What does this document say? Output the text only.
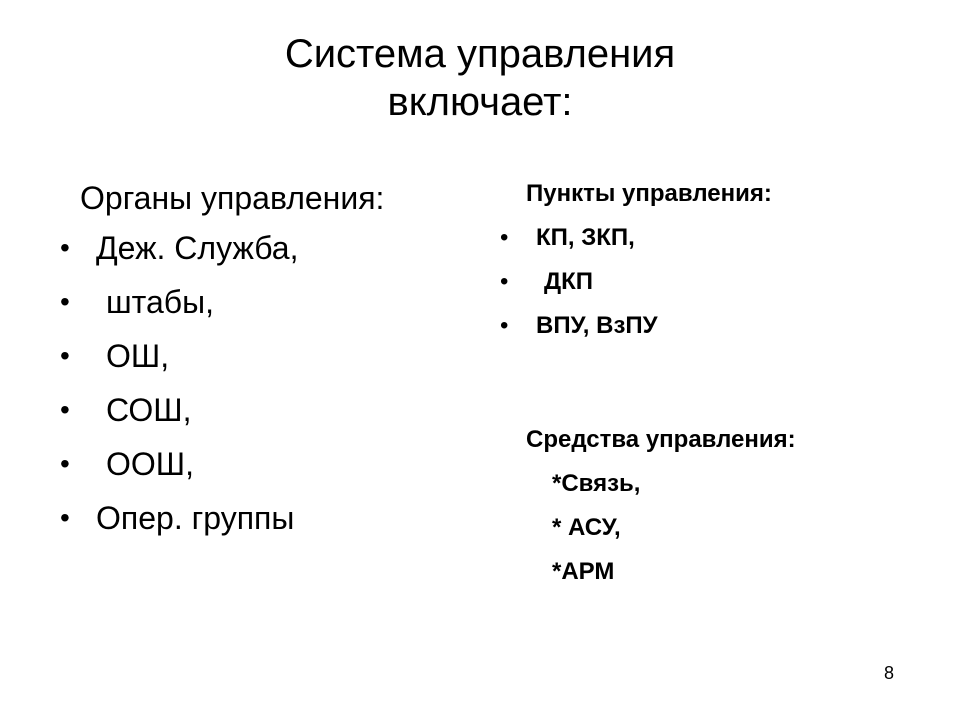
Система управления
включает:
Органы управления:
• Деж. Служба,
• штабы,
• ОШ,
• СОШ,
• ООШ,
• Опер. группы
Пункты управления:
• КП, ЗКП,
• ДКП
• ВПУ, ВзПУ
Средства управления:
*Связь,
* АСУ,
*АРМ
8
